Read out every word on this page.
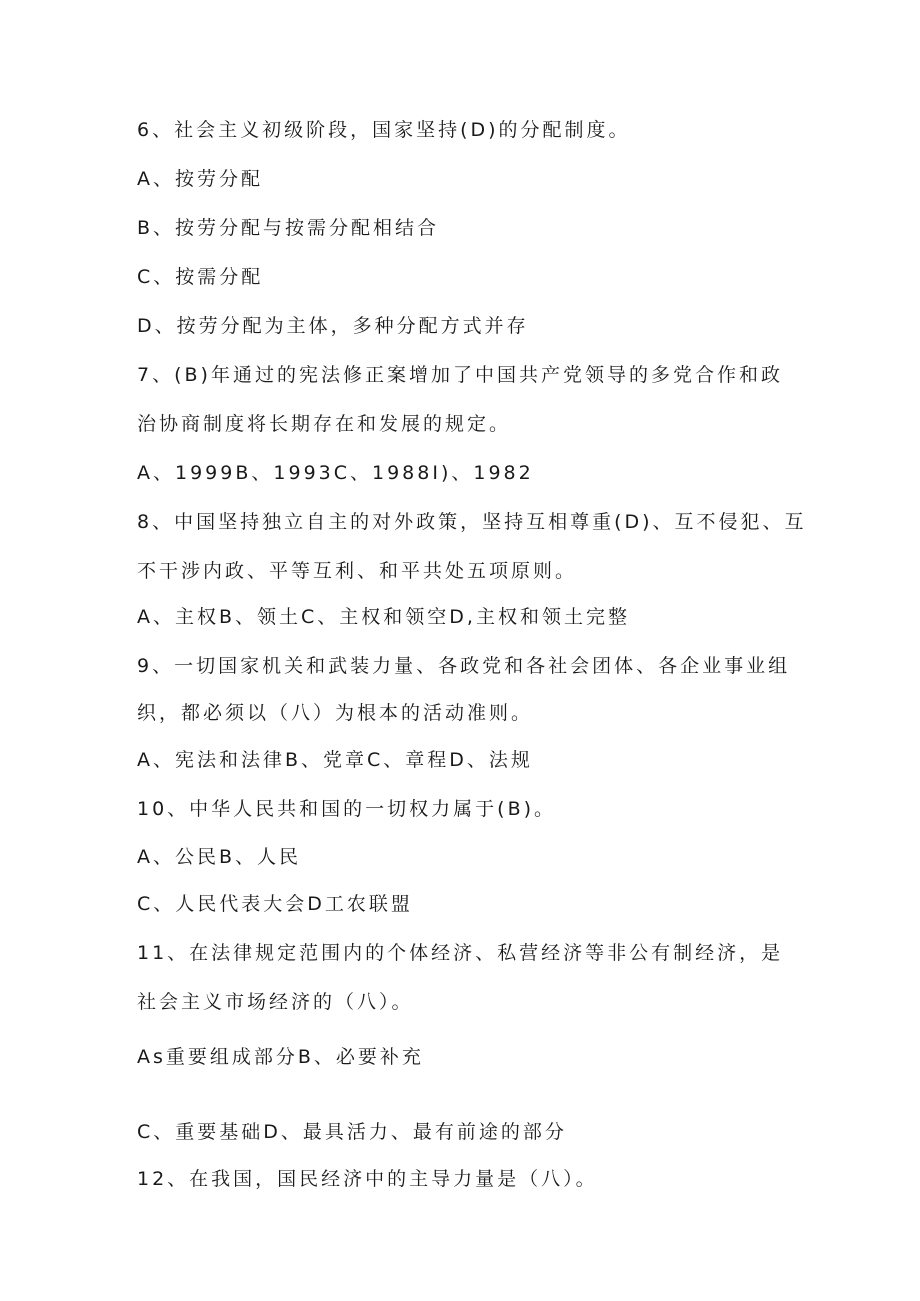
6、社会主义初级阶段，国家坚持(D)的分配制度。
A、按劳分配
B、按劳分配与按需分配相结合
C、按需分配
D、按劳分配为主体，多种分配方式并存
7、(B)年通过的宪法修正案增加了中国共产党领导的多党合作和政
治协商制度将长期存在和发展的规定。
A、1999B、1993C、1988I)、1982
8、中国坚持独立自主的对外政策，坚持互相尊重(D)、互不侵犯、互
不干涉内政、平等互利、和平共处五项原则。
A、主权B、领土C、主权和领空D,主权和领土完整
9、一切国家机关和武装力量、各政党和各社会团体、各企业事业组
织，都必须以（八）为根本的活动准则。
A、宪法和法律B、党章C、章程D、法规
10、中华人民共和国的一切权力属于(B)。
A、公民B、人民
C、人民代表大会D工农联盟
11、在法律规定范围内的个体经济、私营经济等非公有制经济，是
社会主义市场经济的（八）。
As重要组成部分B、必要补充
C、重要基础D、最具活力、最有前途的部分
12、在我国，国民经济中的主导力量是（八）。
